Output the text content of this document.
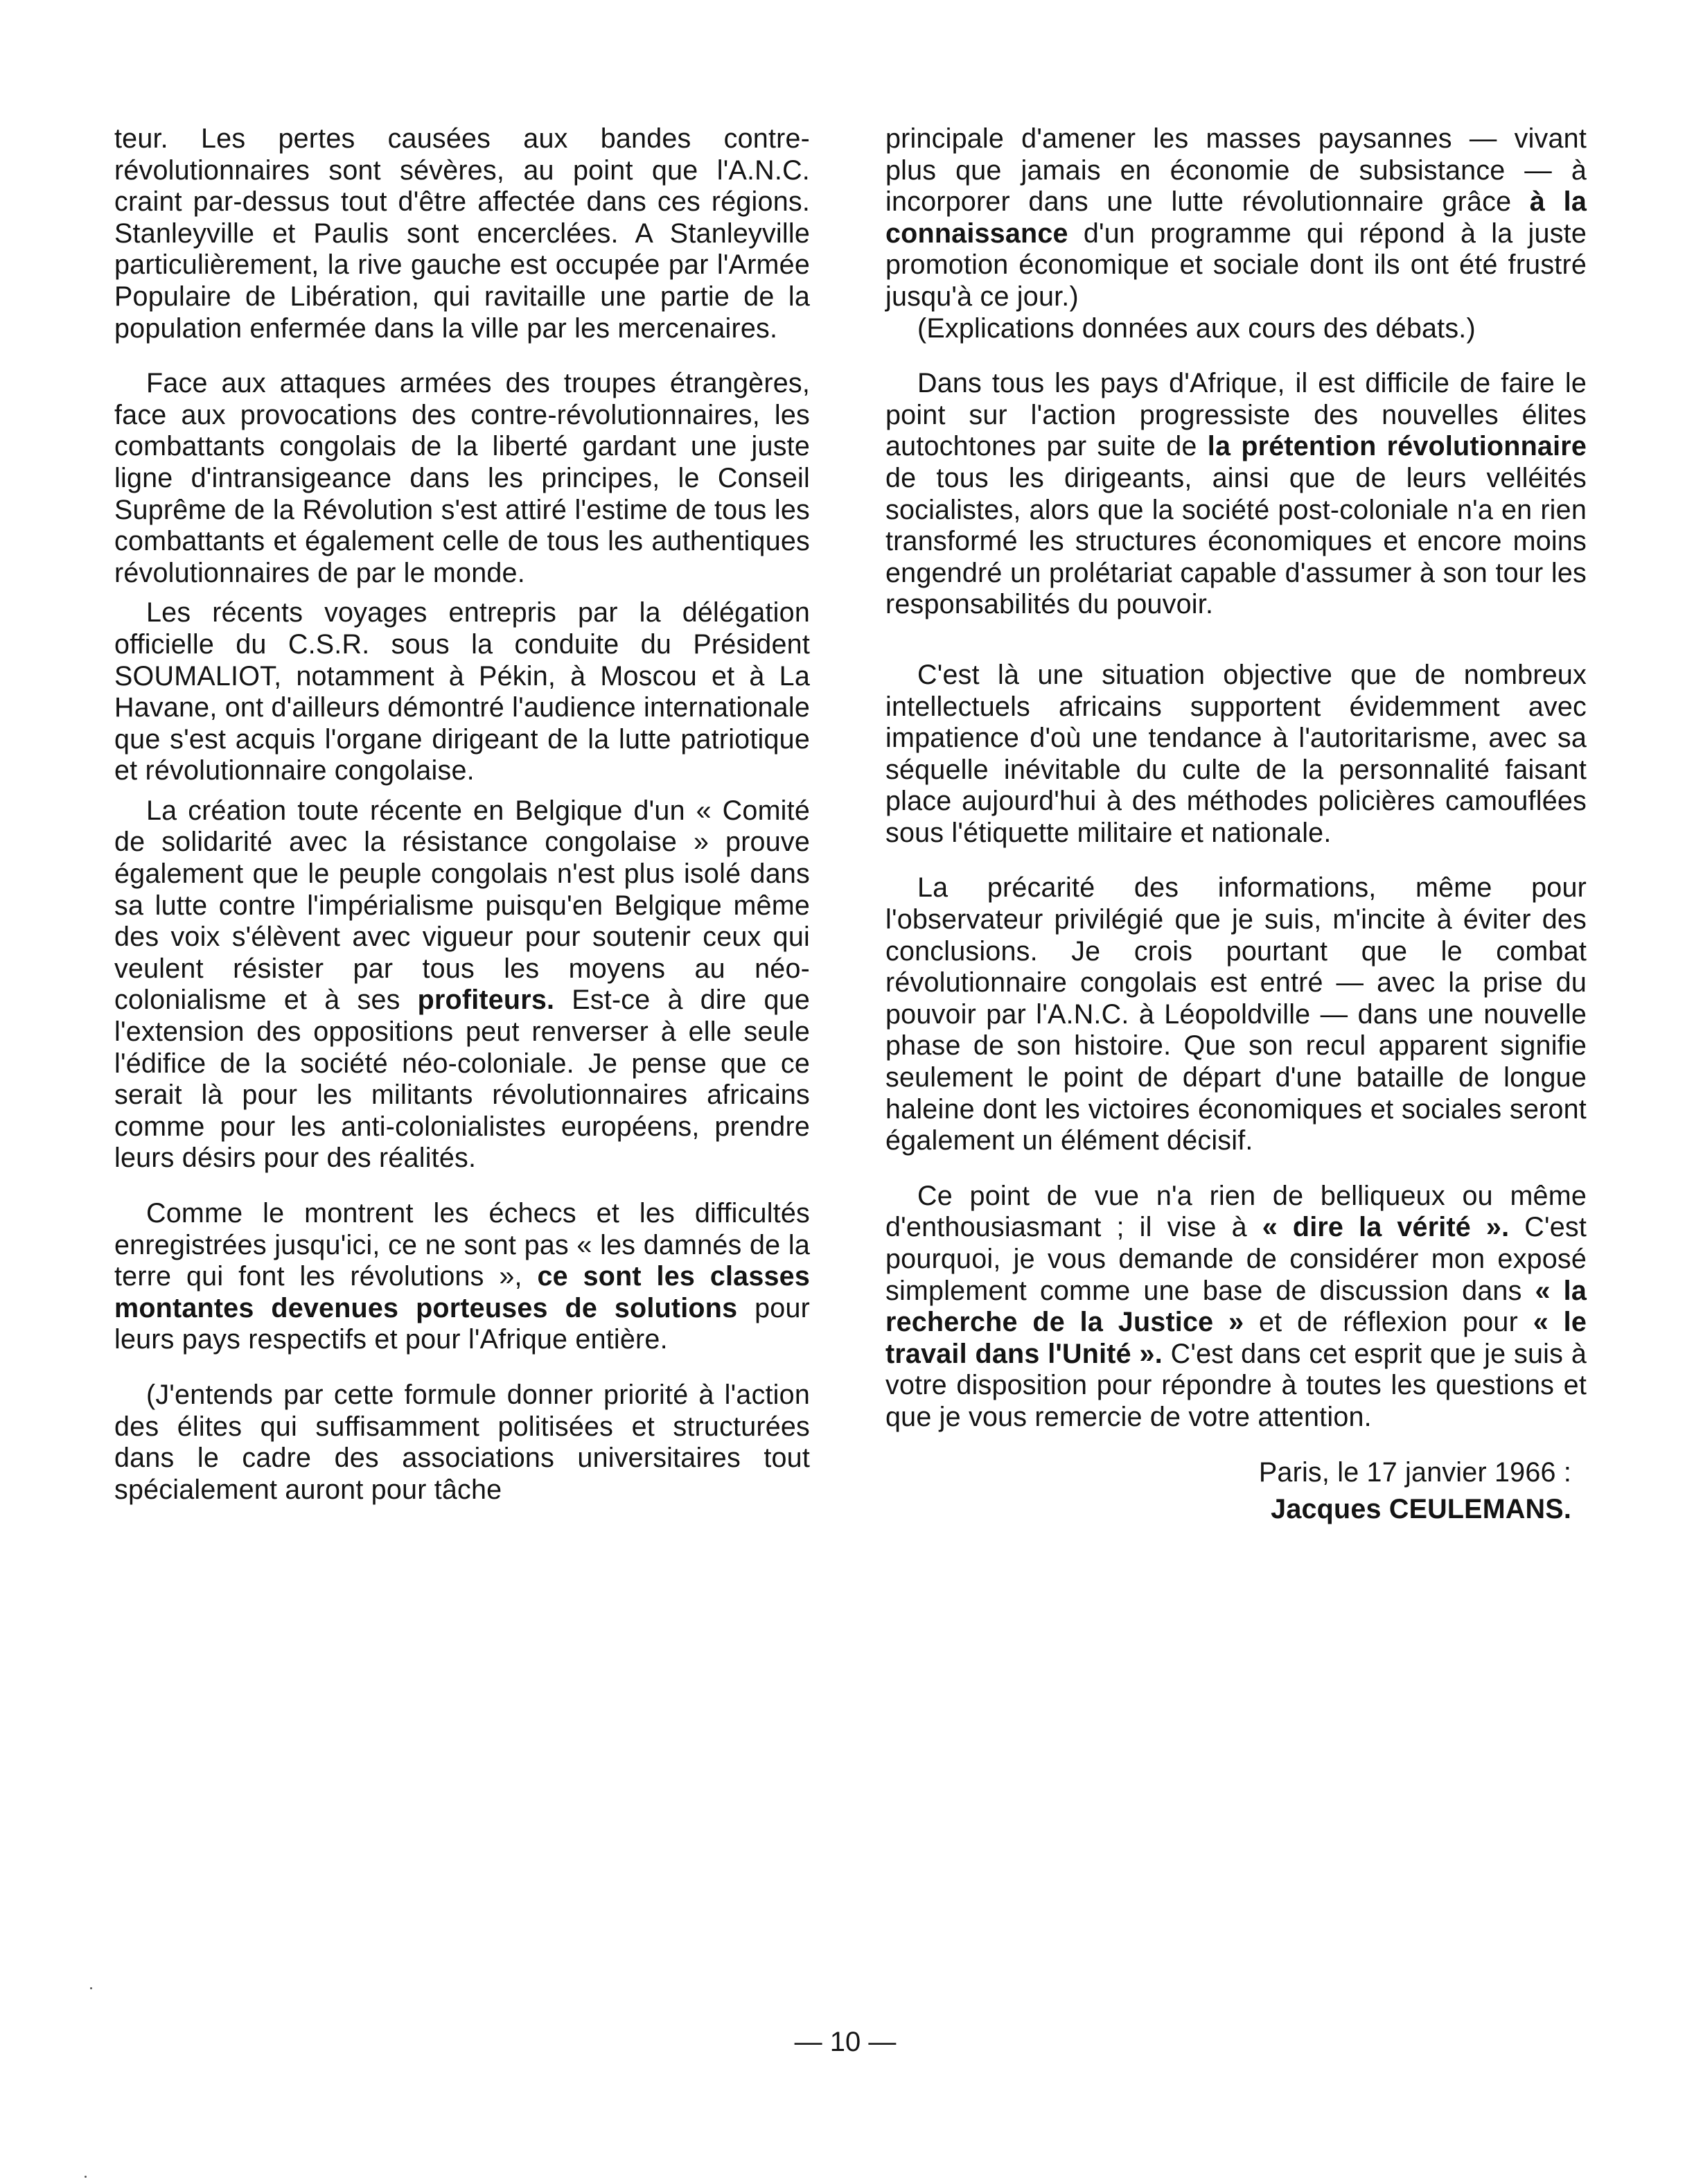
teur. Les pertes causées aux bandes contre-révolutionnaires sont sévères, au point que l'A.N.C. craint par-dessus tout d'être affectée dans ces régions. Stanleyville et Paulis sont encerclées. A Stanleyville particulièrement, la rive gauche est occupée par l'Armée Populaire de Libération, qui ravitaille une partie de la population enfermée dans la ville par les mercenaires.

Face aux attaques armées des troupes étrangères, face aux provocations des contre-révolutionnaires, les combattants congolais de la liberté gardant une juste ligne d'intransigeance dans les principes, le Conseil Suprême de la Révolution s'est attiré l'estime de tous les combattants et également celle de tous les authentiques révolutionnaires de par le monde.

Les récents voyages entrepris par la délégation officielle du C.S.R. sous la conduite du Président SOUMALIOT, notamment à Pékin, à Moscou et à La Havane, ont d'ailleurs démontré l'audience internationale que s'est acquis l'organe dirigeant de la lutte patriotique et révolutionnaire congolaise.

La création toute récente en Belgique d'un « Comité de solidarité avec la résistance congolaise » prouve également que le peuple congolais n'est plus isolé dans sa lutte contre l'impérialisme puisqu'en Belgique même des voix s'élèvent avec vigueur pour soutenir ceux qui veulent résister par tous les moyens au néo-colonialisme et à ses profiteurs. Est-ce à dire que l'extension des oppositions peut renverser à elle seule l'édifice de la société néo-coloniale. Je pense que ce serait là pour les militants révolutionnaires africains comme pour les anti-colonialistes européens, prendre leurs désirs pour des réalités.

Comme le montrent les échecs et les difficultés enregistrées jusqu'ici, ce ne sont pas « les damnés de la terre qui font les révolutions », ce sont les classes montantes devenues porteuses de solutions pour leurs pays respectifs et pour l'Afrique entière.

(J'entends par cette formule donner priorité à l'action des élites qui suffisamment politisées et structurées dans le cadre des associations universitaires tout spécialement auront pour tâche

principale d'amener les masses paysannes — vivant plus que jamais en économie de subsistance — à incorporer dans une lutte révolutionnaire grâce à la connaissance d'un programme qui répond à la juste promotion économique et sociale dont ils ont été frustré jusqu'à ce jour.)

(Explications données aux cours des débats.)

Dans tous les pays d'Afrique, il est difficile de faire le point sur l'action progressiste des nouvelles élites autochtones par suite de la prétention révolutionnaire de tous les dirigeants, ainsi que de leurs velléités socialistes, alors que la société post-coloniale n'a en rien transformé les structures économiques et encore moins engendré un prolétariat capable d'assumer à son tour les responsabilités du pouvoir.

C'est là une situation objective que de nombreux intellectuels africains supportent évidemment avec impatience d'où une tendance à l'autoritarisme, avec sa séquelle inévitable du culte de la personnalité faisant place aujourd'hui à des méthodes policières camouflées sous l'étiquette militaire et nationale.

La précarité des informations, même pour l'observateur privilégié que je suis, m'incite à éviter des conclusions. Je crois pourtant que le combat révolutionnaire congolais est entré — avec la prise du pouvoir par l'A.N.C. à Léopoldville — dans une nouvelle phase de son histoire. Que son recul apparent signifie seulement le point de départ d'une bataille de longue haleine dont les victoires économiques et sociales seront également un élément décisif.

Ce point de vue n'a rien de belliqueux ou même d'enthousiasmant ; il vise à « dire la vérité ». C'est pourquoi, je vous demande de considérer mon exposé simplement comme une base de discussion dans « la recherche de la Justice » et de réflexion pour « le travail dans l'Unité ». C'est dans cet esprit que je suis à votre disposition pour répondre à toutes les questions et que je vous remercie de votre attention.

Paris, le 17 janvier 1966 :
Jacques CEULEMANS.
— 10 —
